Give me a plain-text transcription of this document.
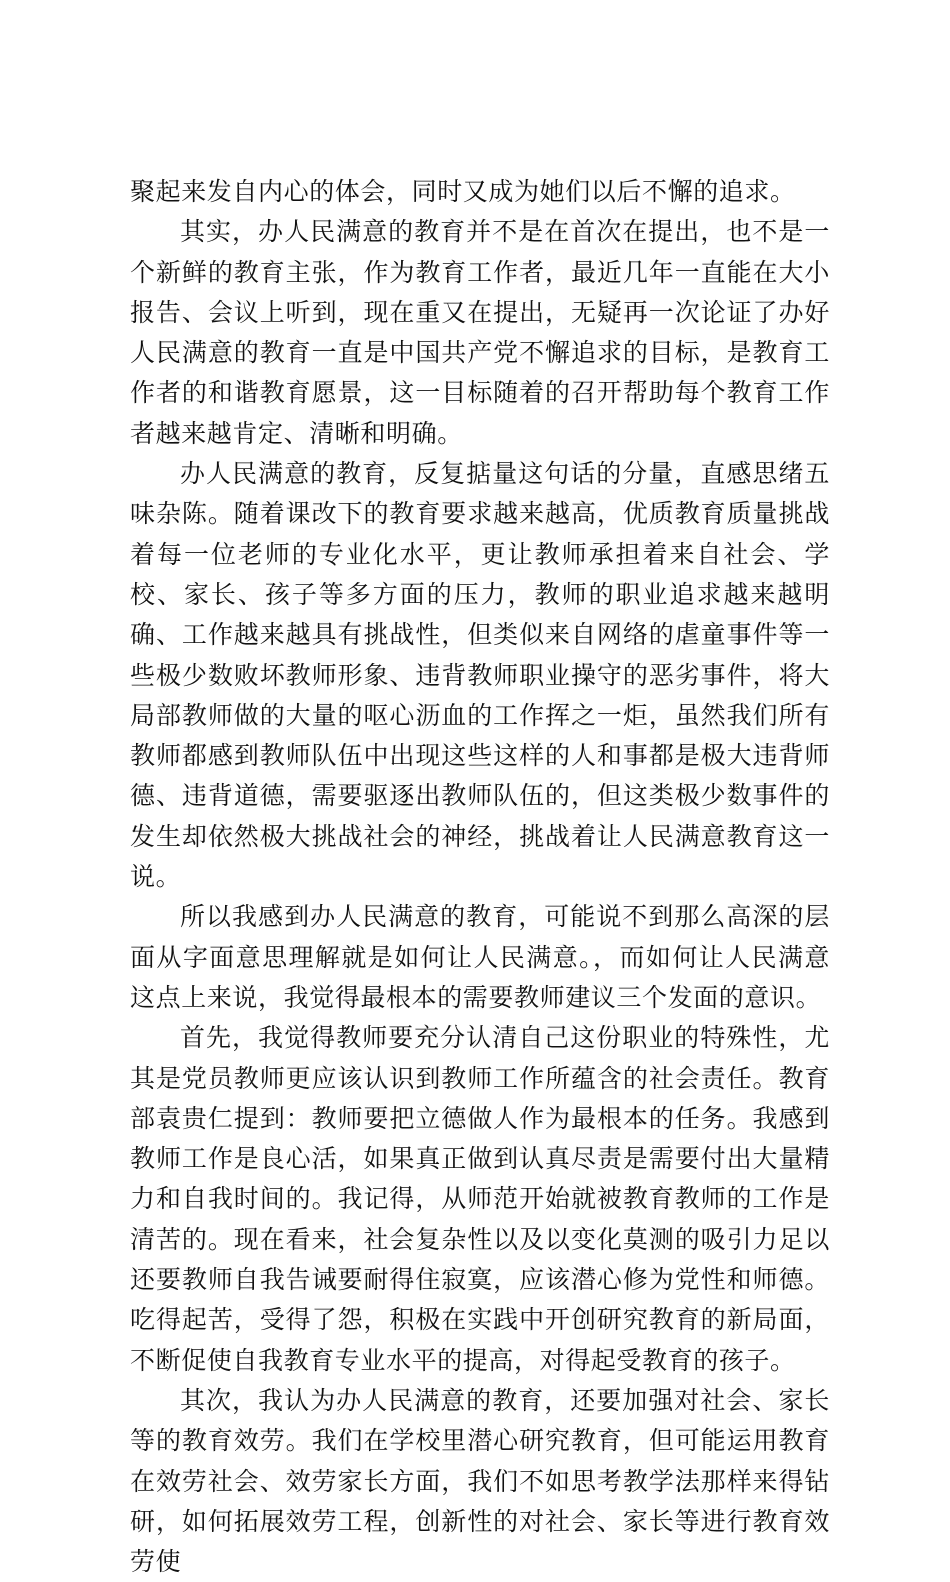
聚起来发自内心的体会，同时又成为她们以后不懈的追求。

其实，办人民满意的教育并不是在首次在提出，也不是一个新鲜的教育主张，作为教育工作者，最近几年一直能在大小报告、会议上听到，现在重又在提出，无疑再一次论证了办好人民满意的教育一直是中国共产党不懈追求的目标，是教育工作者的和谐教育愿景，这一目标随着的召开帮助每个教育工作者越来越肯定、清晰和明确。

办人民满意的教育，反复掂量这句话的分量，直感思绪五味杂陈。随着课改下的教育要求越来越高，优质教育质量挑战着每一位老师的专业化水平，更让教师承担着来自社会、学校、家长、孩子等多方面的压力，教师的职业追求越来越明确、工作越来越具有挑战性，但类似来自网络的虐童事件等一些极少数败坏教师形象、违背教师职业操守的恶劣事件，将大局部教师做的大量的呕心沥血的工作挥之一炬，虽然我们所有教师都感到教师队伍中出现这些这样的人和事都是极大违背师德、违背道德，需要驱逐出教师队伍的，但这类极少数事件的发生却依然极大挑战社会的神经，挑战着让人民满意教育这一说。

所以我感到办人民满意的教育，可能说不到那么高深的层面从字面意思理解就是如何让人民满意。，而如何让人民满意这点上来说，我觉得最根本的需要教师建议三个发面的意识。

首先，我觉得教师要充分认清自己这份职业的特殊性，尤其是党员教师更应该认识到教师工作所蕴含的社会责任。教育部袁贵仁提到：教师要把立德做人作为最根本的任务。我感到教师工作是良心活，如果真正做到认真尽责是需要付出大量精力和自我时间的。我记得，从师范开始就被教育教师的工作是清苦的。现在看来，社会复杂性以及以变化莫测的吸引力足以还要教师自我告诫要耐得住寂寞，应该潜心修为党性和师德。吃得起苦，受得了怨，积极在实践中开创研究教育的新局面，不断促使自我教育专业水平的提高，对得起受教育的孩子。

其次，我认为办人民满意的教育，还要加强对社会、家长等的教育效劳。我们在学校里潜心研究教育，但可能运用教育在效劳社会、效劳家长方面，我们不如思考教学法那样来得钻研，如何拓展效劳工程，创新性的对社会、家长等进行教育效劳使
